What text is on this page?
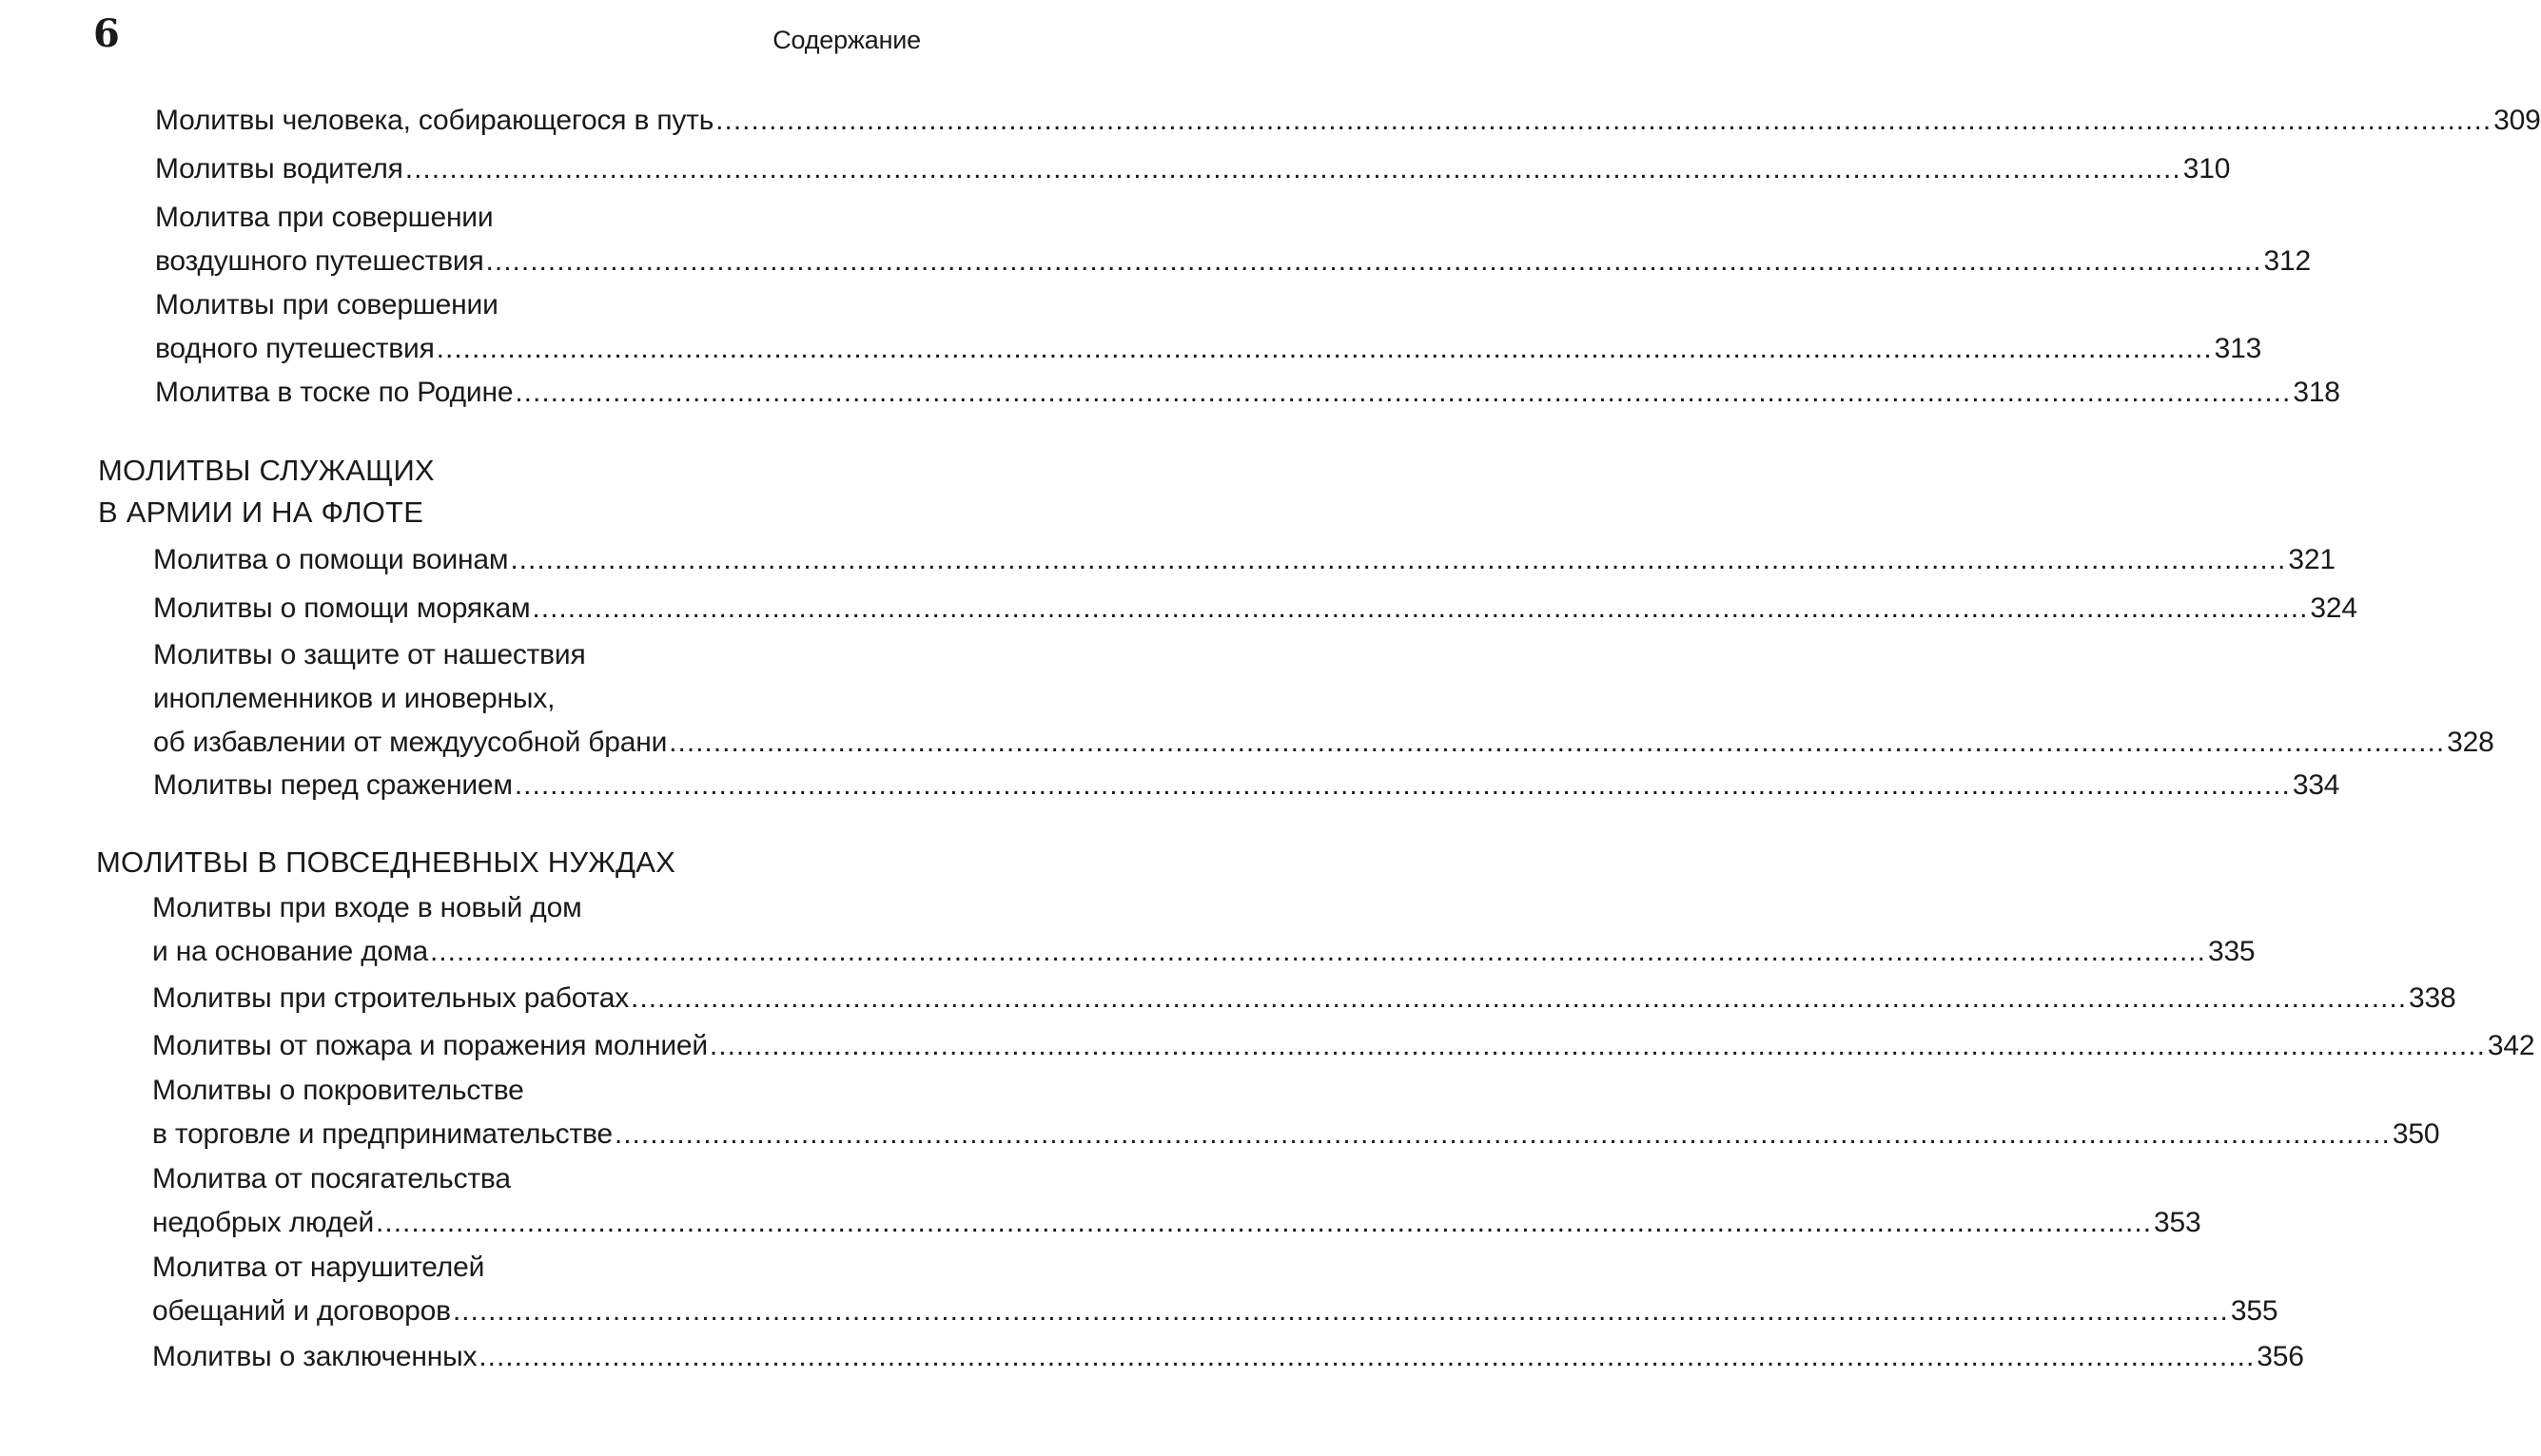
6	Содержание
Молитвы человека, собирающегося в путь ........................................................................................................................................................................................................ 309
Молитвы водителя ........................................................................................................................................................................................................ 310
Молитва при совершении
воздушного путешествия ........................................................................................................................................................................................................ 312
Молитвы при совершении
водного путешествия ........................................................................................................................................................................................................ 313
Молитва в тоске по Родине ........................................................................................................................................................................................................ 318
МОЛИТВЫ СЛУЖАЩИХ
В АРМИИ И НА ФЛОТЕ
Молитва о помощи воинам ........................................................................................................................................................................................................ 321
Молитвы о помощи морякам ........................................................................................................................................................................................................ 324
Молитвы о защите от нашествия
иноплеменников и иноверных,
об избавлении от междуусобной брани ........................................................................................................................................................................................................ 328
Молитвы перед сражением ........................................................................................................................................................................................................ 334
МОЛИТВЫ В ПОВСЕДНЕВНЫХ НУЖДАХ
Молитвы при входе в новый дом
и на основание дома ........................................................................................................................................................................................................ 335
Молитвы при строительных работах ........................................................................................................................................................................................................ 338
Молитвы от пожара и поражения молнией ........................................................................................................................................................................................................ 342
Молитвы о покровительстве
в торговле и предпринимательстве ........................................................................................................................................................................................................ 350
Молитва от посягательства
недобрых людей ........................................................................................................................................................................................................ 353
Молитва от нарушителей
обещаний и договоров ........................................................................................................................................................................................................ 355
Молитвы о заключенных ........................................................................................................................................................................................................ 356
